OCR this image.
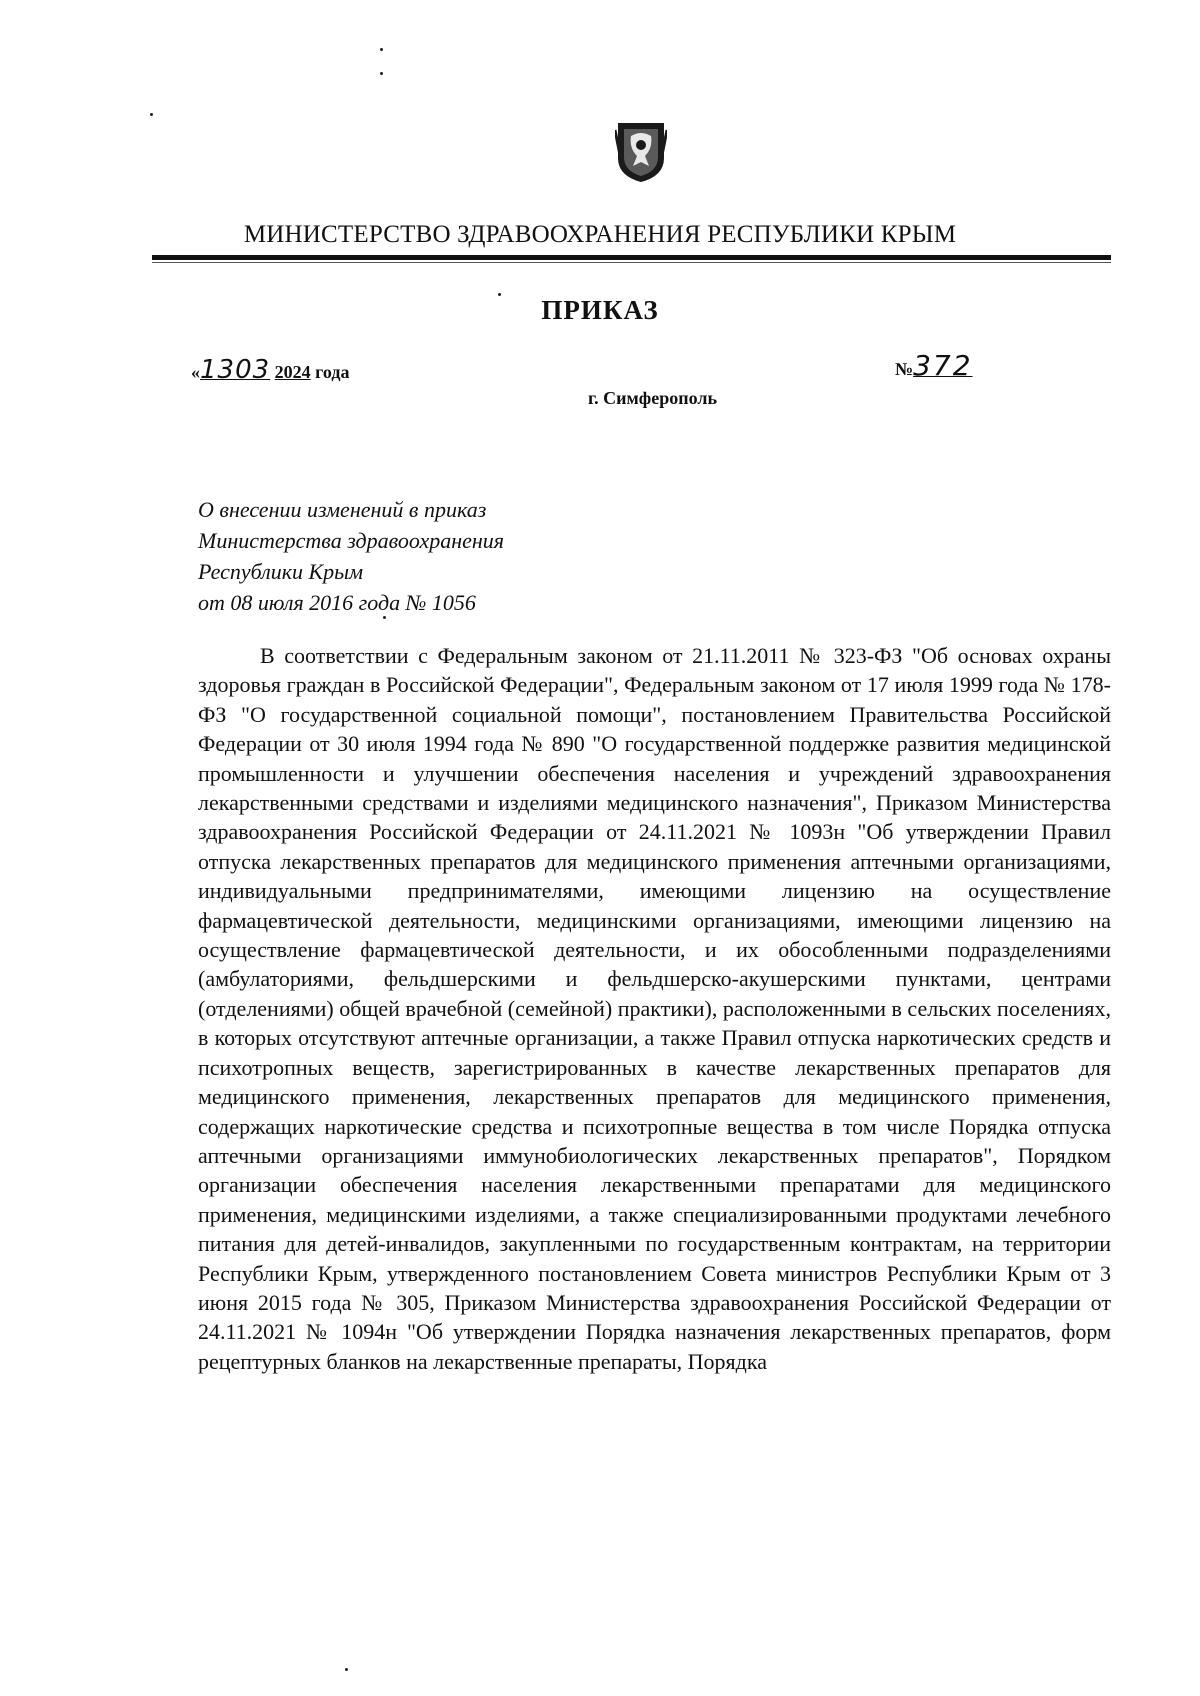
МИНИСТЕРСТВО ЗДРАВООХРАНЕНИЯ РЕСПУБЛИКИ КРЫМ
ПРИКАЗ
«1303 2024 года	№372
г. Симферополь
О внесении изменений в приказ
Министерства здравоохранения
Республики Крым
от 08 июля 2016 года № 1056
В соответствии с Федеральным законом от 21.11.2011 № 323-ФЗ "Об основах охраны здоровья граждан в Российской Федерации", Федеральным законом от 17 июля 1999 года № 178-ФЗ "О государственной социальной помощи", постановлением Правительства Российской Федерации от 30 июля 1994 года № 890 "О государственной поддержке развития медицинской промышленности и улучшении обеспечения населения и учреждений здравоохранения лекарственными средствами и изделиями медицинского назначения", Приказом Министерства здравоохранения Российской Федерации от 24.11.2021 № 1093н "Об утверждении Правил отпуска лекарственных препаратов для медицинского применения аптечными организациями, индивидуальными предпринимателями, имеющими лицензию на осуществление фармацевтической деятельности, медицинскими организациями, имеющими лицензию на осуществление фармацевтической деятельности, и их обособленными подразделениями (амбулаториями, фельдшерскими и фельдшерско-акушерскими пунктами, центрами (отделениями) общей врачебной (семейной) практики), расположенными в сельских поселениях, в которых отсутствуют аптечные организации, а также Правил отпуска наркотических средств и психотропных веществ, зарегистрированных в качестве лекарственных препаратов для медицинского применения, лекарственных препаратов для медицинского применения, содержащих наркотические средства и психотропные вещества в том числе Порядка отпуска аптечными организациями иммунобиологических лекарственных препаратов", Порядком организации обеспечения населения лекарственными препаратами для медицинского применения, медицинскими изделиями, а также специализированными продуктами лечебного питания для детей-инвалидов, закупленными по государственным контрактам, на территории Республики Крым, утвержденного постановлением Совета министров Республики Крым от 3 июня 2015 года № 305, Приказом Министерства здравоохранения Российской Федерации от 24.11.2021 № 1094н "Об утверждении Порядка назначения лекарственных препаратов, форм рецептурных бланков на лекарственные препараты, Порядка
